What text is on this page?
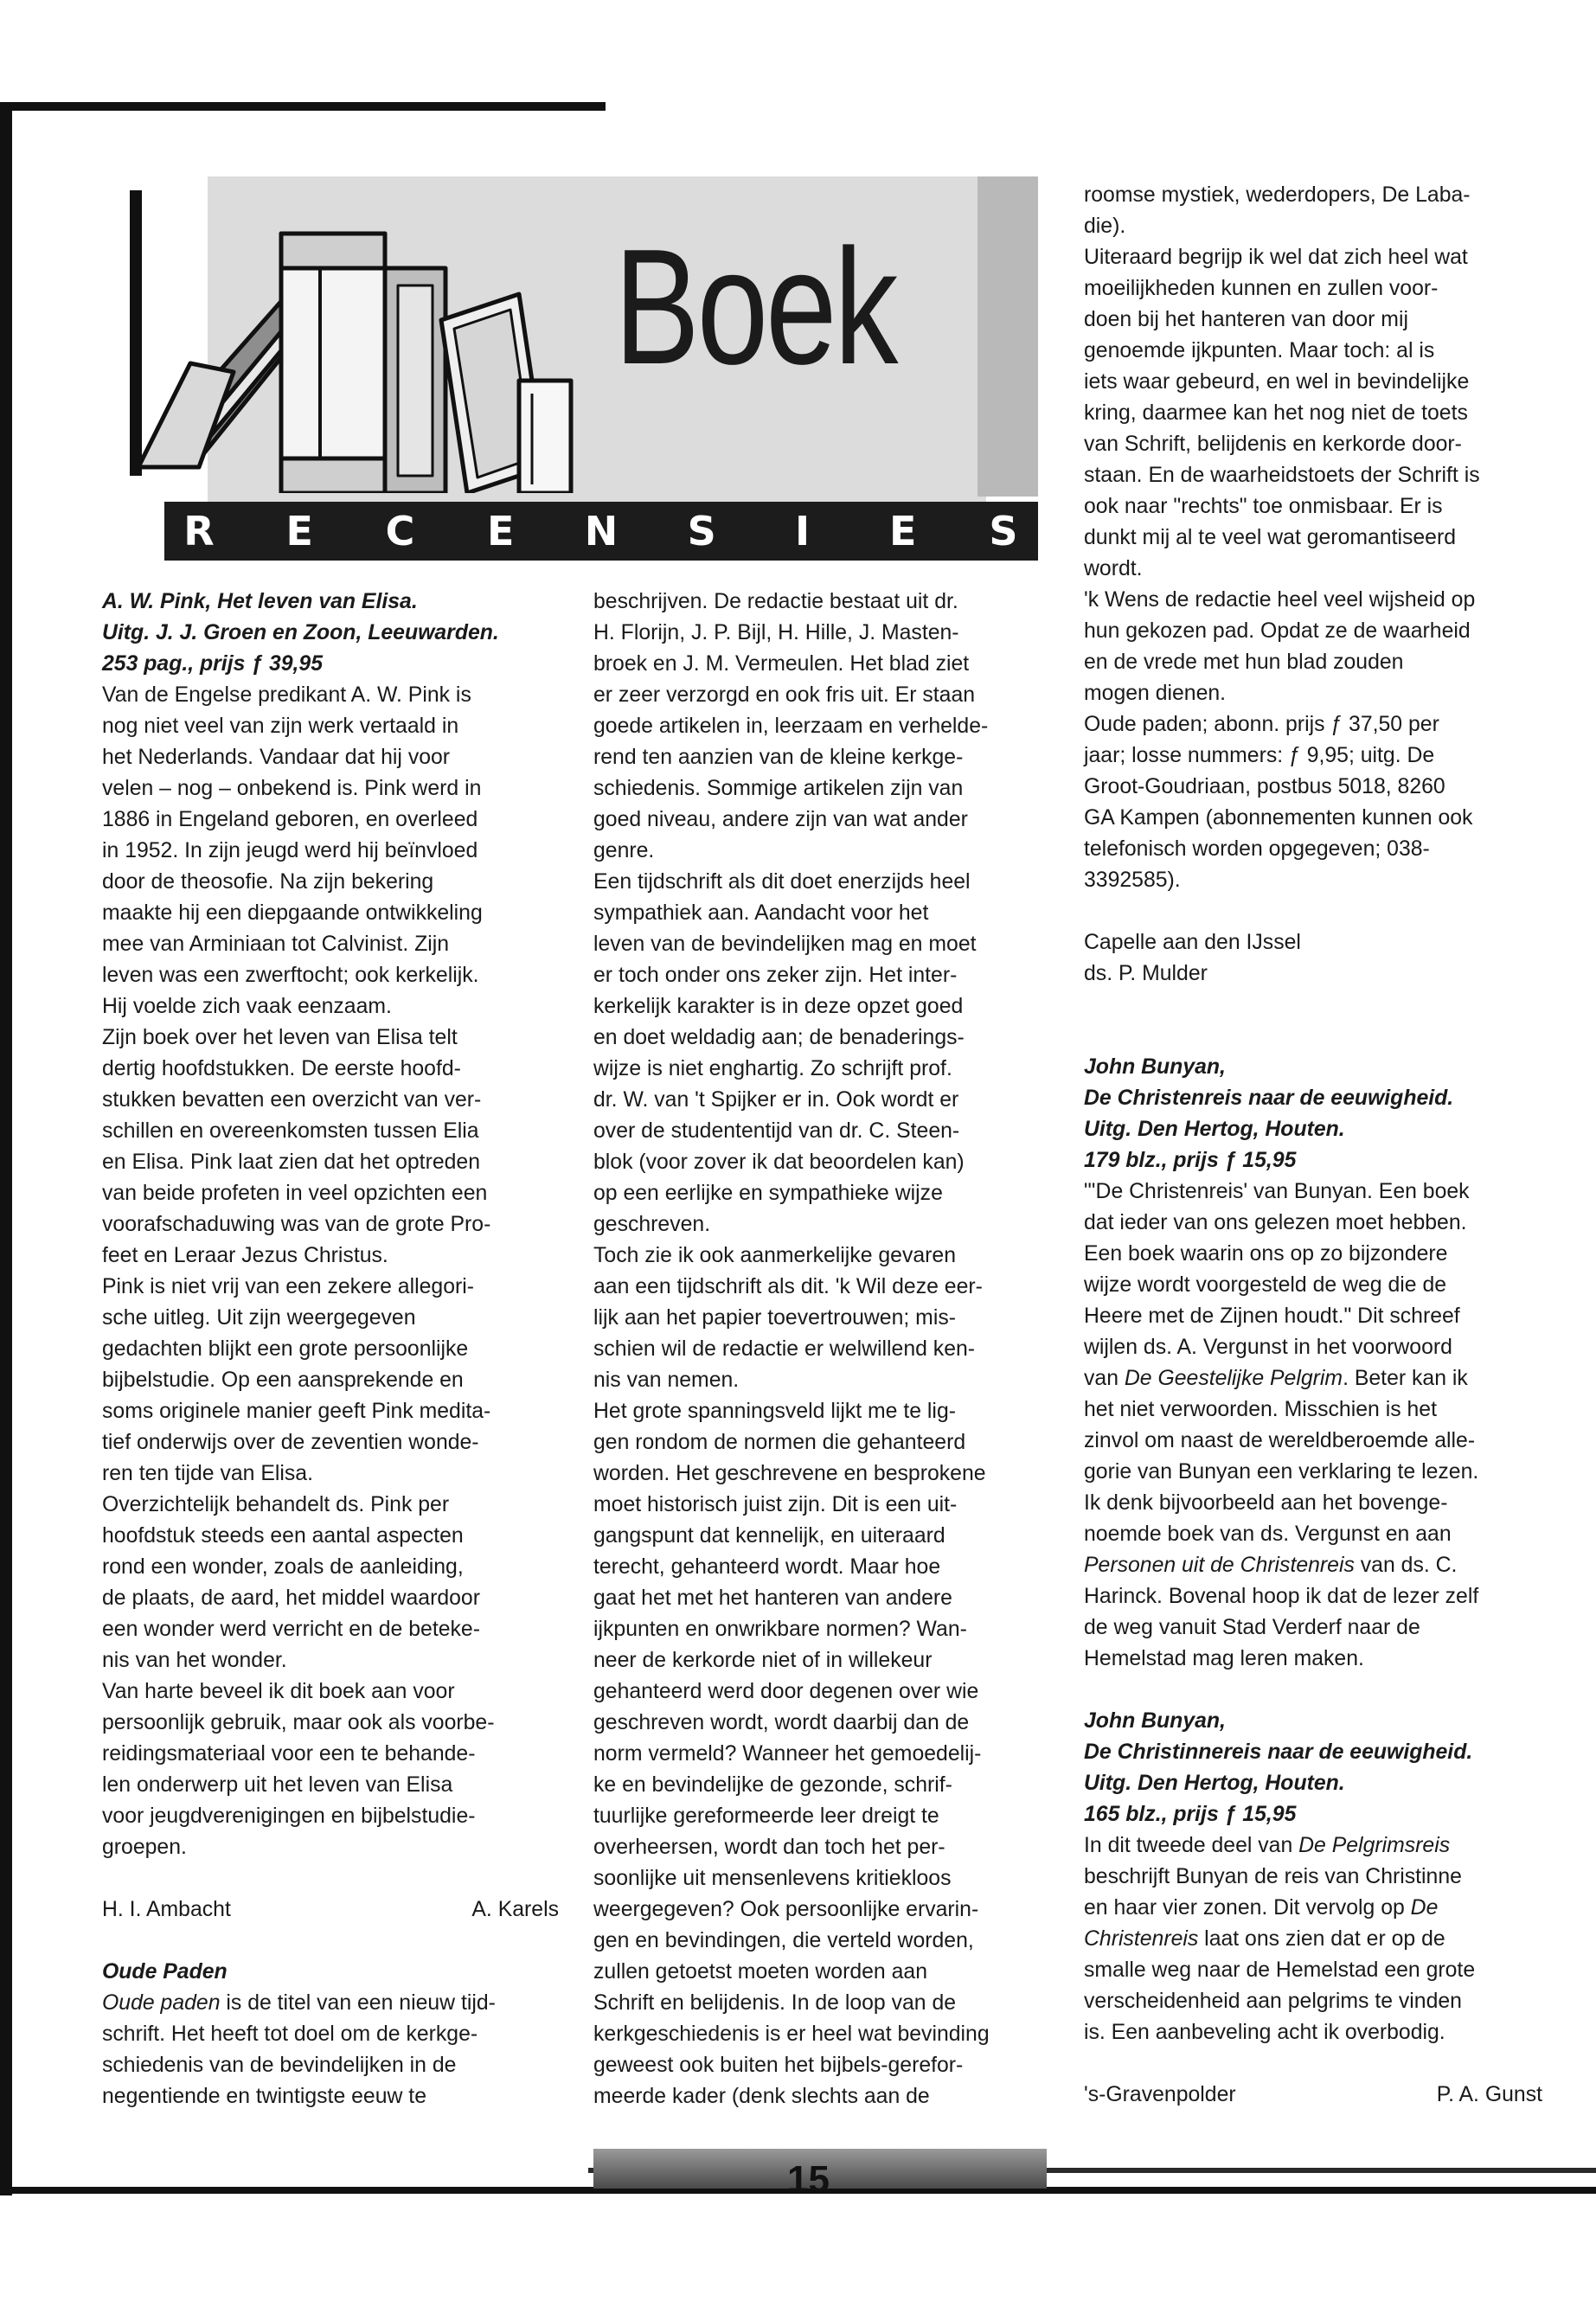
Boek
R	E	C	E	N S	I	E	S

A. W. Pink, Het leven van Elisa.

Uitg. J. J. Groen en Zoon, Leeuwarden.

253 pag., prijs ƒ 39,95

Van de Engelse predikant A. W. Pink is

nog niet veel van zijn werk vertaald in

het Nederlands. Vandaar dat hij voor

velen – nog – onbekend is. Pink werd in

1886 in Engeland geboren, en overleed

in 1952. In zijn jeugd werd hij beïnvloed

door de theosofie. Na zijn bekering

maakte hij een diepgaande ontwikkeling

mee van Arminiaan tot Calvinist. Zijn

leven was een zwerftocht; ook kerkelijk.

Hij voelde zich vaak eenzaam.

Zijn boek over het leven van Elisa telt

dertig hoofdstukken. De eerste hoofd-

stukken bevatten een overzicht van ver-

schillen en overeenkomsten tussen Elia

en Elisa. Pink laat zien dat het optreden

van beide profeten in veel opzichten een

voorafschaduwing was van de grote Pro-

feet en Leraar Jezus Christus.

Pink is niet vrij van een zekere allegori-

sche uitleg. Uit zijn weergegeven

gedachten blijkt een grote persoonlijke

bijbelstudie. Op een aansprekende en

soms originele manier geeft Pink medita-

tief onderwijs over de zeventien wonde-

ren ten tijde van Elisa.

Overzichtelijk behandelt ds. Pink per

hoofdstuk steeds een aantal aspecten

rond een wonder, zoals de aanleiding,

de plaats, de aard, het middel waardoor

een wonder werd verricht en de beteke-

nis van het wonder.

Van harte beveel ik dit boek aan voor

persoonlijk gebruik, maar ook als voorbe-

reidingsmateriaal voor een te behande-

len onderwerp uit het leven van Elisa

voor jeugdverenigingen en bijbelstudie-

groepen.

H. I. Ambacht	A. Karels

Oude Paden

Oude paden is de titel van een nieuw tijd-

schrift. Het heeft tot doel om de kerkge-

schiedenis van de bevindelijken in de

negentiende en twintigste eeuw te

beschrijven. De redactie bestaat uit dr.

H. Florijn, J. P. Bijl, H. Hille, J. Masten-

broek en J. M. Vermeulen. Het blad ziet

er zeer verzorgd en ook fris uit. Er staan

goede artikelen in, leerzaam en verhelde-

rend ten aanzien van de kleine kerkge-

schiedenis. Sommige artikelen zijn van

goed niveau, andere zijn van wat ander

genre.

Een tijdschrift als dit doet enerzijds heel

sympathiek aan. Aandacht voor het

leven van de bevindelijken mag en moet

er toch onder ons zeker zijn. Het inter-

kerkelijk karakter is in deze opzet goed

en doet weldadig aan; de benaderings-

wijze is niet enghartig. Zo schrijft prof.

dr. W. van 't Spijker er in. Ook wordt er

over de studententijd van dr. C. Steen-

blok (voor zover ik dat beoordelen kan)

op een eerlijke en sympathieke wijze

geschreven.

Toch zie ik ook aanmerkelijke gevaren

aan een tijdschrift als dit. 'k Wil deze eer-

lijk aan het papier toevertrouwen; mis-

schien wil de redactie er welwillend ken-

nis van nemen.

Het grote spanningsveld lijkt me te lig-

gen rondom de normen die gehanteerd

worden. Het geschrevene en besprokene

moet historisch juist zijn. Dit is een uit-

gangspunt dat kennelijk, en uiteraard

terecht, gehanteerd wordt. Maar hoe

gaat het met het hanteren van andere

ijkpunten en onwrikbare normen? Wan-

neer de kerkorde niet of in willekeur

gehanteerd werd door degenen over wie

geschreven wordt, wordt daarbij dan de

norm vermeld? Wanneer het gemoedelij-

ke en bevindelijke de gezonde, schrif-

tuurlijke gereformeerde leer dreigt te

overheersen, wordt dan toch het per-

soonlijke uit mensenlevens kritiekloos

weergegeven? Ook persoonlijke ervarin-

gen en bevindingen, die verteld worden,

zullen getoetst moeten worden aan

Schrift en belijdenis. In de loop van de

kerkgeschiedenis is er heel wat bevinding

geweest ook buiten het bijbels-gerefor-

meerde kader (denk slechts aan de

15

roomse mystiek, wederdopers, De Laba-

die).

Uiteraard begrijp ik wel dat zich heel wat

moeilijkheden kunnen en zullen voor-

doen bij het hanteren van door mij

genoemde ijkpunten. Maar toch: al is

iets waar gebeurd, en wel in bevindelijke

kring, daarmee kan het nog niet de toets

van Schrift, belijdenis en kerkorde door-

staan. En de waarheidstoets der Schrift is

ook naar "rechts" toe onmisbaar. Er is

dunkt mij al te veel wat geromantiseerd

wordt.

'k Wens de redactie heel veel wijsheid op

hun gekozen pad. Opdat ze de waarheid

en de vrede met hun blad zouden

mogen dienen.

Oude paden; abonn. prijs ƒ 37,50 per

jaar; losse nummers: ƒ 9,95; uitg. De

Groot-Goudriaan, postbus 5018, 8260

GA Kampen (abonnementen kunnen ook

telefonisch worden opgegeven; 038-

3392585).

Capelle aan den IJssel

ds. P. Mulder

John Bunyan,

De Christenreis naar de eeuwigheid.

Uitg. Den Hertog, Houten.

179 blz., prijs ƒ 15,95

"'De Christenreis' van Bunyan. Een boek

dat ieder van ons gelezen moet hebben.

Een boek waarin ons op zo bijzondere

wijze wordt voorgesteld de weg die de

Heere met de Zijnen houdt." Dit schreef

wijlen ds. A. Vergunst in het voorwoord

van De Geestelijke Pelgrim. Beter kan ik

het niet verwoorden. Misschien is het

zinvol om naast de wereldberoemde alle-

gorie van Bunyan een verklaring te lezen.

Ik denk bijvoorbeeld aan het bovenge-

noemde boek van ds. Vergunst en aan

Personen uit de Christenreis van ds. C.

Harinck. Bovenal hoop ik dat de lezer zelf

de weg vanuit Stad Verderf naar de

Hemelstad mag leren maken.

John Bunyan,

De Christinnereis naar de eeuwigheid.

Uitg. Den Hertog, Houten.

165 blz., prijs ƒ 15,95

In dit tweede deel van De Pelgrimsreis

beschrijft Bunyan de reis van Christinne

en haar vier zonen. Dit vervolg op De

Christenreis laat ons zien dat er op de

smalle weg naar de Hemelstad een grote

verscheidenheid aan pelgrims te vinden

is. Een aanbeveling acht ik overbodig.

's-Gravenpolder	P. A. Gunst
